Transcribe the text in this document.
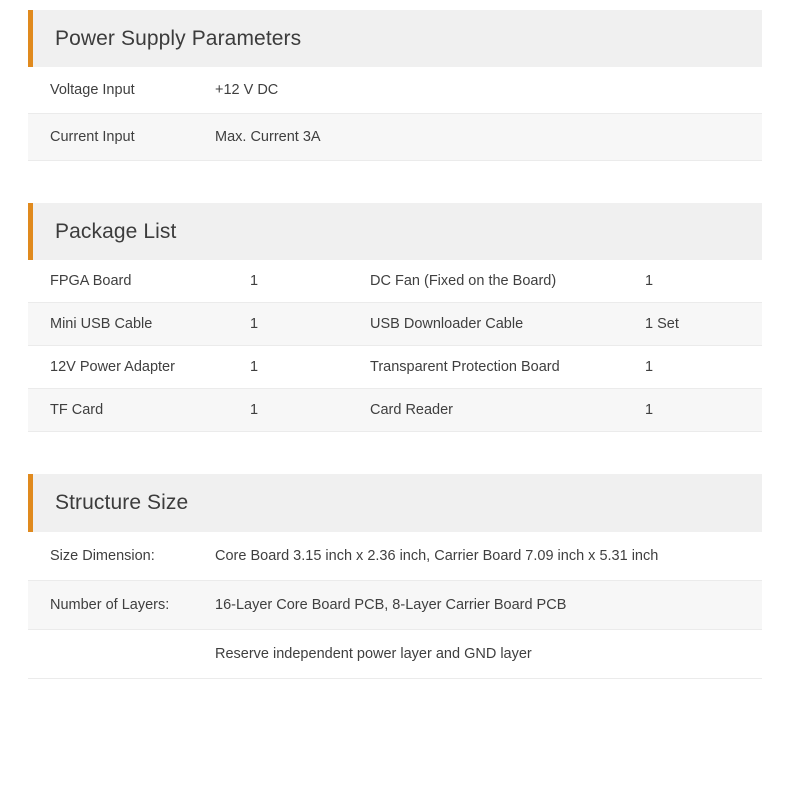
Power Supply Parameters
Voltage Input	+12 V DC
Current Input	Max. Current 3A
Package List
FPGA Board	1	DC Fan (Fixed on the Board)	1
Mini USB Cable	1	USB Downloader Cable	1 Set
12V Power Adapter	1	Transparent Protection Board	1
TF Card	1	Card Reader	1
Structure Size
Size Dimension:	Core Board 3.15 inch x 2.36 inch, Carrier Board 7.09 inch x 5.31 inch
Number of Layers:	16-Layer Core Board PCB, 8-Layer Carrier Board PCB
	Reserve independent power layer and GND layer
